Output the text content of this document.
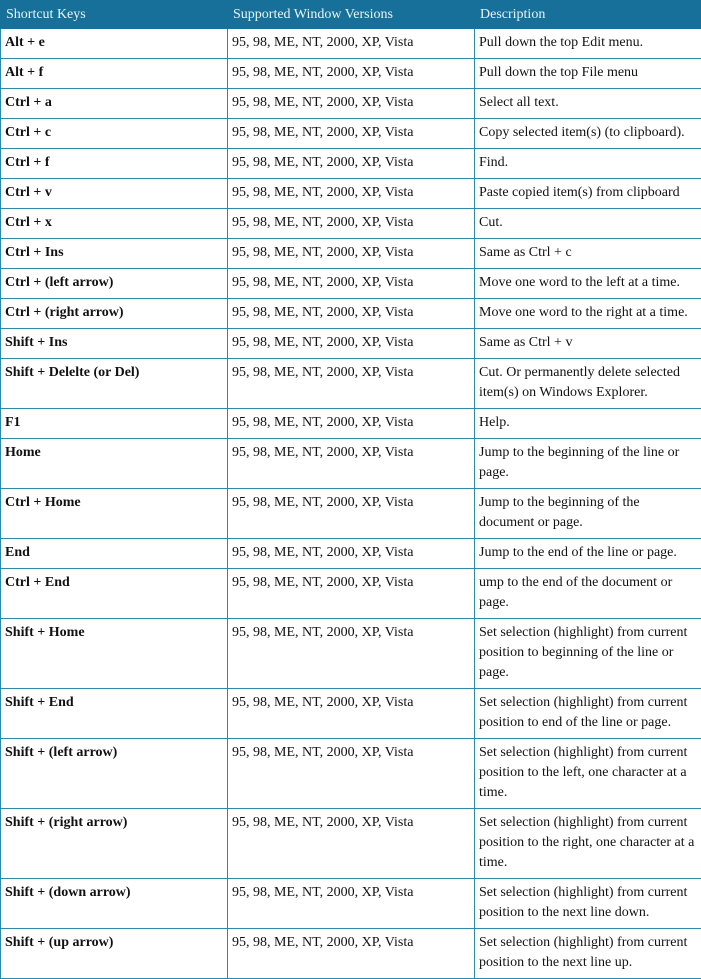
Shortcut Keys	Supported Window Versions	Description
Alt + e	95, 98, ME, NT, 2000, XP, Vista	Pull down the top Edit menu.
Alt + f	95, 98, ME, NT, 2000, XP, Vista	Pull down the top File menu
Ctrl + a	95, 98, ME, NT, 2000, XP, Vista	Select all text.
Ctrl + c	95, 98, ME, NT, 2000, XP, Vista	Copy selected item(s) (to clipboard).
Ctrl + f	95, 98, ME, NT, 2000, XP, Vista	Find.
Ctrl + v	95, 98, ME, NT, 2000, XP, Vista	Paste copied item(s) from clipboard
Ctrl + x	95, 98, ME, NT, 2000, XP, Vista	Cut.
Ctrl + Ins	95, 98, ME, NT, 2000, XP, Vista	Same as Ctrl + c
Ctrl + (left arrow)	95, 98, ME, NT, 2000, XP, Vista	Move one word to the left at a time.
Ctrl + (right arrow)	95, 98, ME, NT, 2000, XP, Vista	Move one word to the right at a time.
Shift + Ins	95, 98, ME, NT, 2000, XP, Vista	Same as Ctrl + v
Shift + Delelte (or Del)	95, 98, ME, NT, 2000, XP, Vista	Cut. Or permanently delete selected item(s) on Windows Explorer.
F1	95, 98, ME, NT, 2000, XP, Vista	Help.
Home	95, 98, ME, NT, 2000, XP, Vista	Jump to the beginning of the line or page.
Ctrl + Home	95, 98, ME, NT, 2000, XP, Vista	Jump to the beginning of the document or page.
End	95, 98, ME, NT, 2000, XP, Vista	Jump to the end of the line or page.
Ctrl + End	95, 98, ME, NT, 2000, XP, Vista	ump to the end of the document or page.
Shift + Home	95, 98, ME, NT, 2000, XP, Vista	Set selection (highlight) from current position to beginning of the line or page.
Shift + End	95, 98, ME, NT, 2000, XP, Vista	Set selection (highlight) from current position to end of the line or page.
Shift + (left arrow)	95, 98, ME, NT, 2000, XP, Vista	Set selection (highlight) from current position to the left, one character at a time.
Shift + (right arrow)	95, 98, ME, NT, 2000, XP, Vista	Set selection (highlight) from current position to the right, one character at a time.
Shift + (down arrow)	95, 98, ME, NT, 2000, XP, Vista	Set selection (highlight) from current position to the next line down.
Shift + (up arrow)	95, 98, ME, NT, 2000, XP, Vista	Set selection (highlight) from current position to the next line up.
